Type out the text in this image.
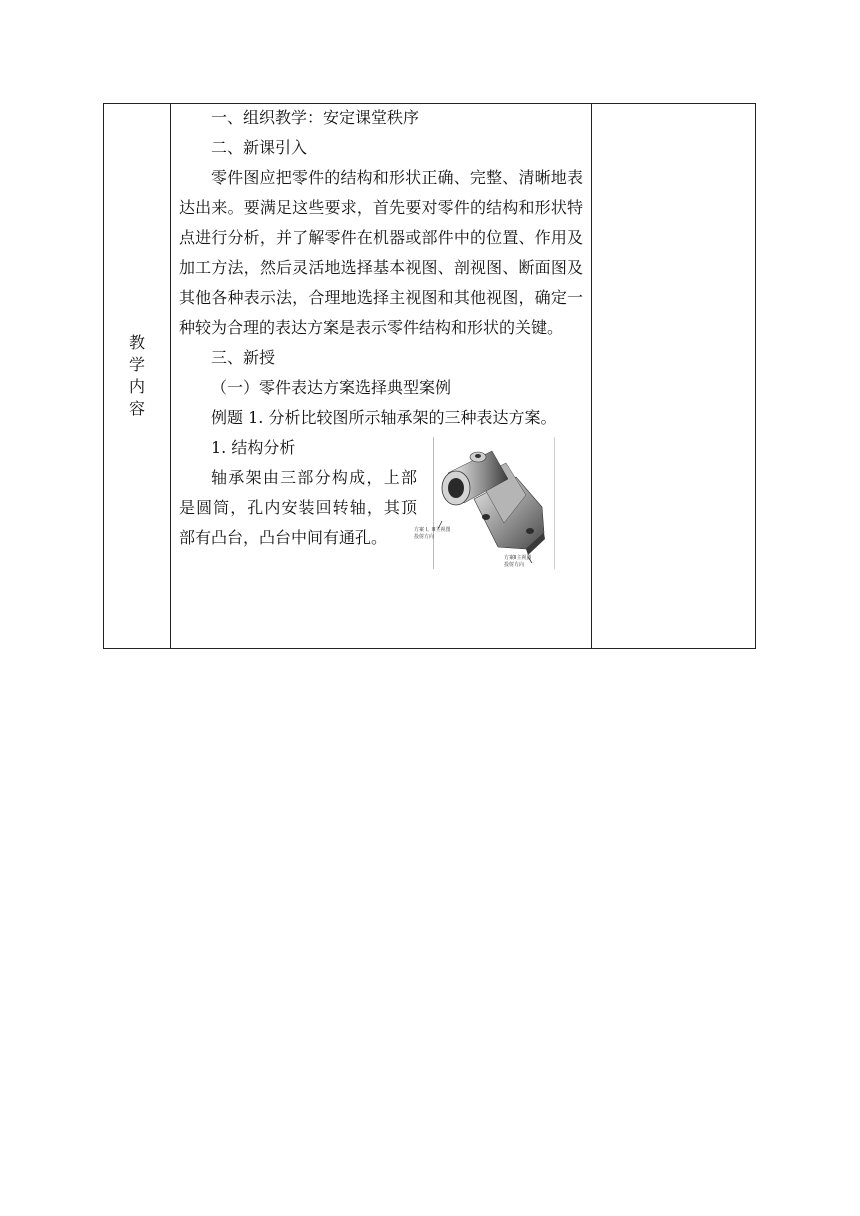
教学内容	

一、组织教学：安定课堂秩序

二、新课引入

零件图应把零件的结构和形状正确、完整、清晰地表达出来。要满足这些要求，首先要对零件的结构和形状特点进行分析，并了解零件在机器或部件中的位置、作用及加工方法，然后灵活地选择基本视图、剖视图、断面图及其他各种表示法，合理地选择主视图和其他视图，确定一种较为合理的表达方案是表示零件结构和形状的关键。

三、新授

（一）零件表达方案选择典型案例

例题 1. 分析比较图所示轴承架的三种表达方案。

1. 结构分析

轴承架由三部分构成，上部是圆筒，孔内安装回转轴，其顶部有凸台，凸台中间有通孔。	方案 I、Ⅲ主视图
投射方向
方案Ⅱ主视图
投射方向
